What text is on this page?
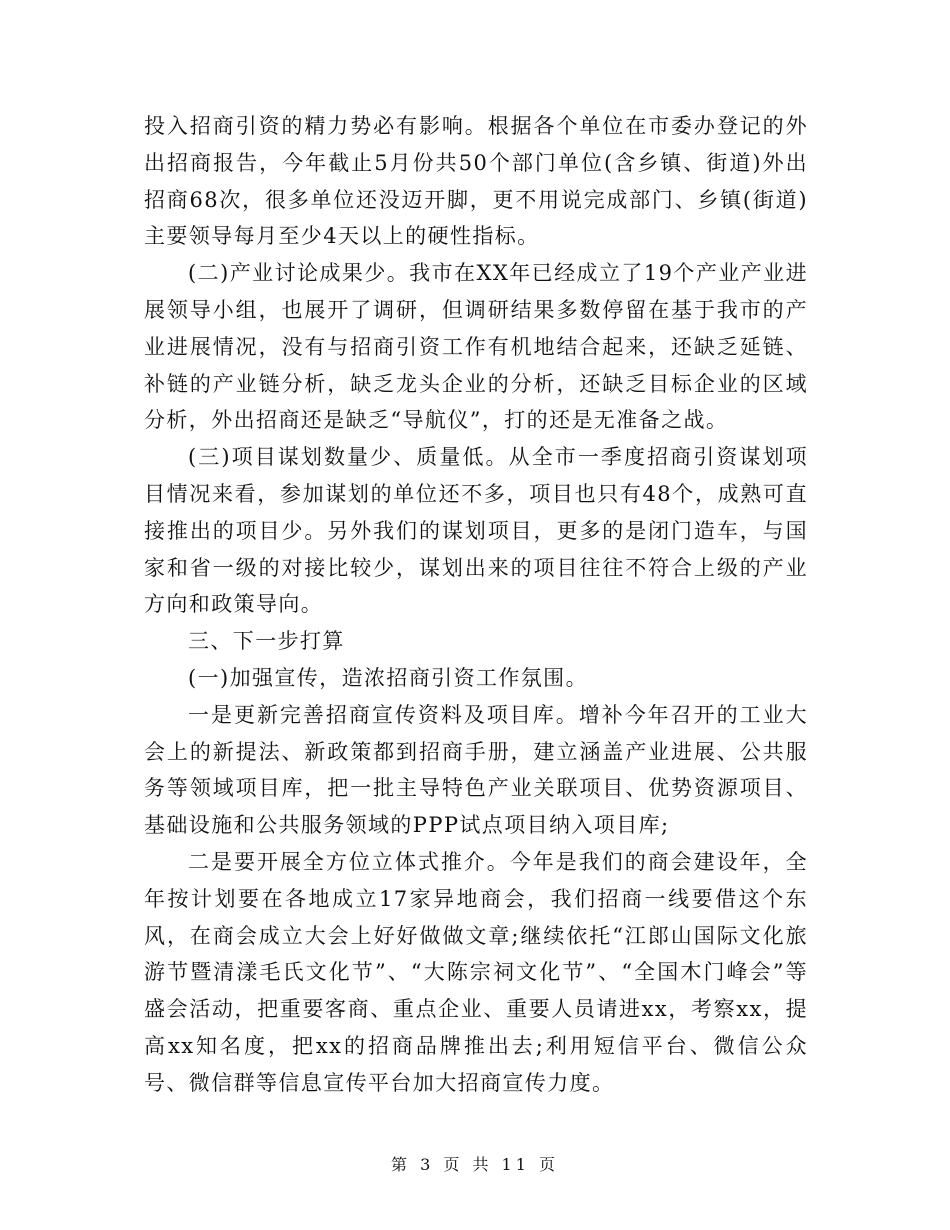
投入招商引资的精力势必有影响。根据各个单位在市委办登记的外出招商报告，今年截止5月份共50个部门单位(含乡镇、街道)外出招商68次，很多单位还没迈开脚，更不用说完成部门、乡镇(街道)主要领导每月至少4天以上的硬性指标。

(二)产业讨论成果少。我市在XX年已经成立了19个产业产业进展领导小组，也展开了调研，但调研结果多数停留在基于我市的产业进展情况，没有与招商引资工作有机地结合起来，还缺乏延链、补链的产业链分析，缺乏龙头企业的分析，还缺乏目标企业的区域分析，外出招商还是缺乏“导航仪”，打的还是无准备之战。

(三)项目谋划数量少、质量低。从全市一季度招商引资谋划项目情况来看，参加谋划的单位还不多，项目也只有48个，成熟可直接推出的项目少。另外我们的谋划项目，更多的是闭门造车，与国家和省一级的对接比较少，谋划出来的项目往往不符合上级的产业方向和政策导向。

三、下一步打算

(一)加强宣传，造浓招商引资工作氛围。

一是更新完善招商宣传资料及项目库。增补今年召开的工业大会上的新提法、新政策都到招商手册，建立涵盖产业进展、公共服务等领域项目库，把一批主导特色产业关联项目、优势资源项目、基础设施和公共服务领域的PPP试点项目纳入项目库;

二是要开展全方位立体式推介。今年是我们的商会建设年，全年按计划要在各地成立17家异地商会，我们招商一线要借这个东风，在商会成立大会上好好做做文章;继续依托“江郎山国际文化旅游节暨清漾毛氏文化节”、“大陈宗祠文化节”、“全国木门峰会”等盛会活动，把重要客商、重点企业、重要人员请进xx，考察xx，提高xx知名度，把xx的招商品牌推出去;利用短信平台、微信公众号、微信群等信息宣传平台加大招商宣传力度。

第 3 页 共 11 页
